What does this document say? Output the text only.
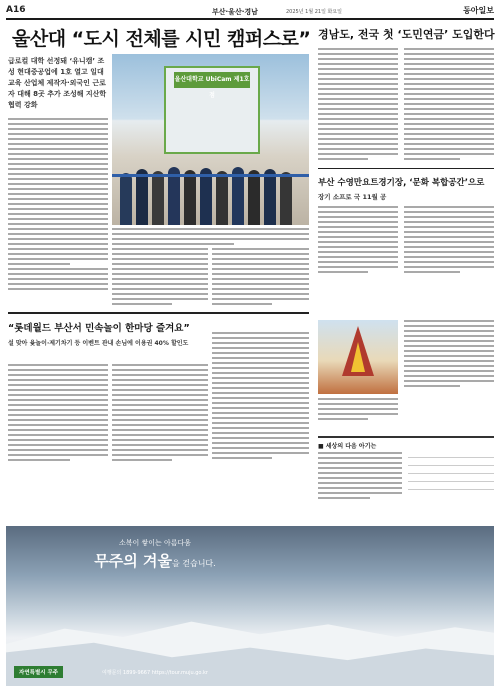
A16	부산·울산·경남	2025년 1월 21일 화요일	동아일보
울산대 “도시 전체를 시민 캠퍼스로”
급로컬 대학 선정돼 ‘유니캠’ 조성 현대중공업에 1호 열고 일대 교육 산업체 제작자·외국인 근로자 대해 8곳 추가 조성해 지산학 협력 강화
울산대학교 UbiCam 제1호점
경남도, 전국 첫 ‘도민연금’ 도입한다
부산 수영만요트경기장, ‘문화 복합공간’으로
장기 소프로 국 11월 공
“롯데월드 부산서 민속놀이 한마당 즐겨요”
설 맞아 윷놀이·제기차기 등 이벤트 관내 손님에 이용권 40% 할인도
■ 세상의 다음 아기는

소복이 쌓이는 아름다움
무주의 겨울을 걷습니다.
자연특별시 무주	여행문의 1899-9667 https://tour.muju.go.kr
